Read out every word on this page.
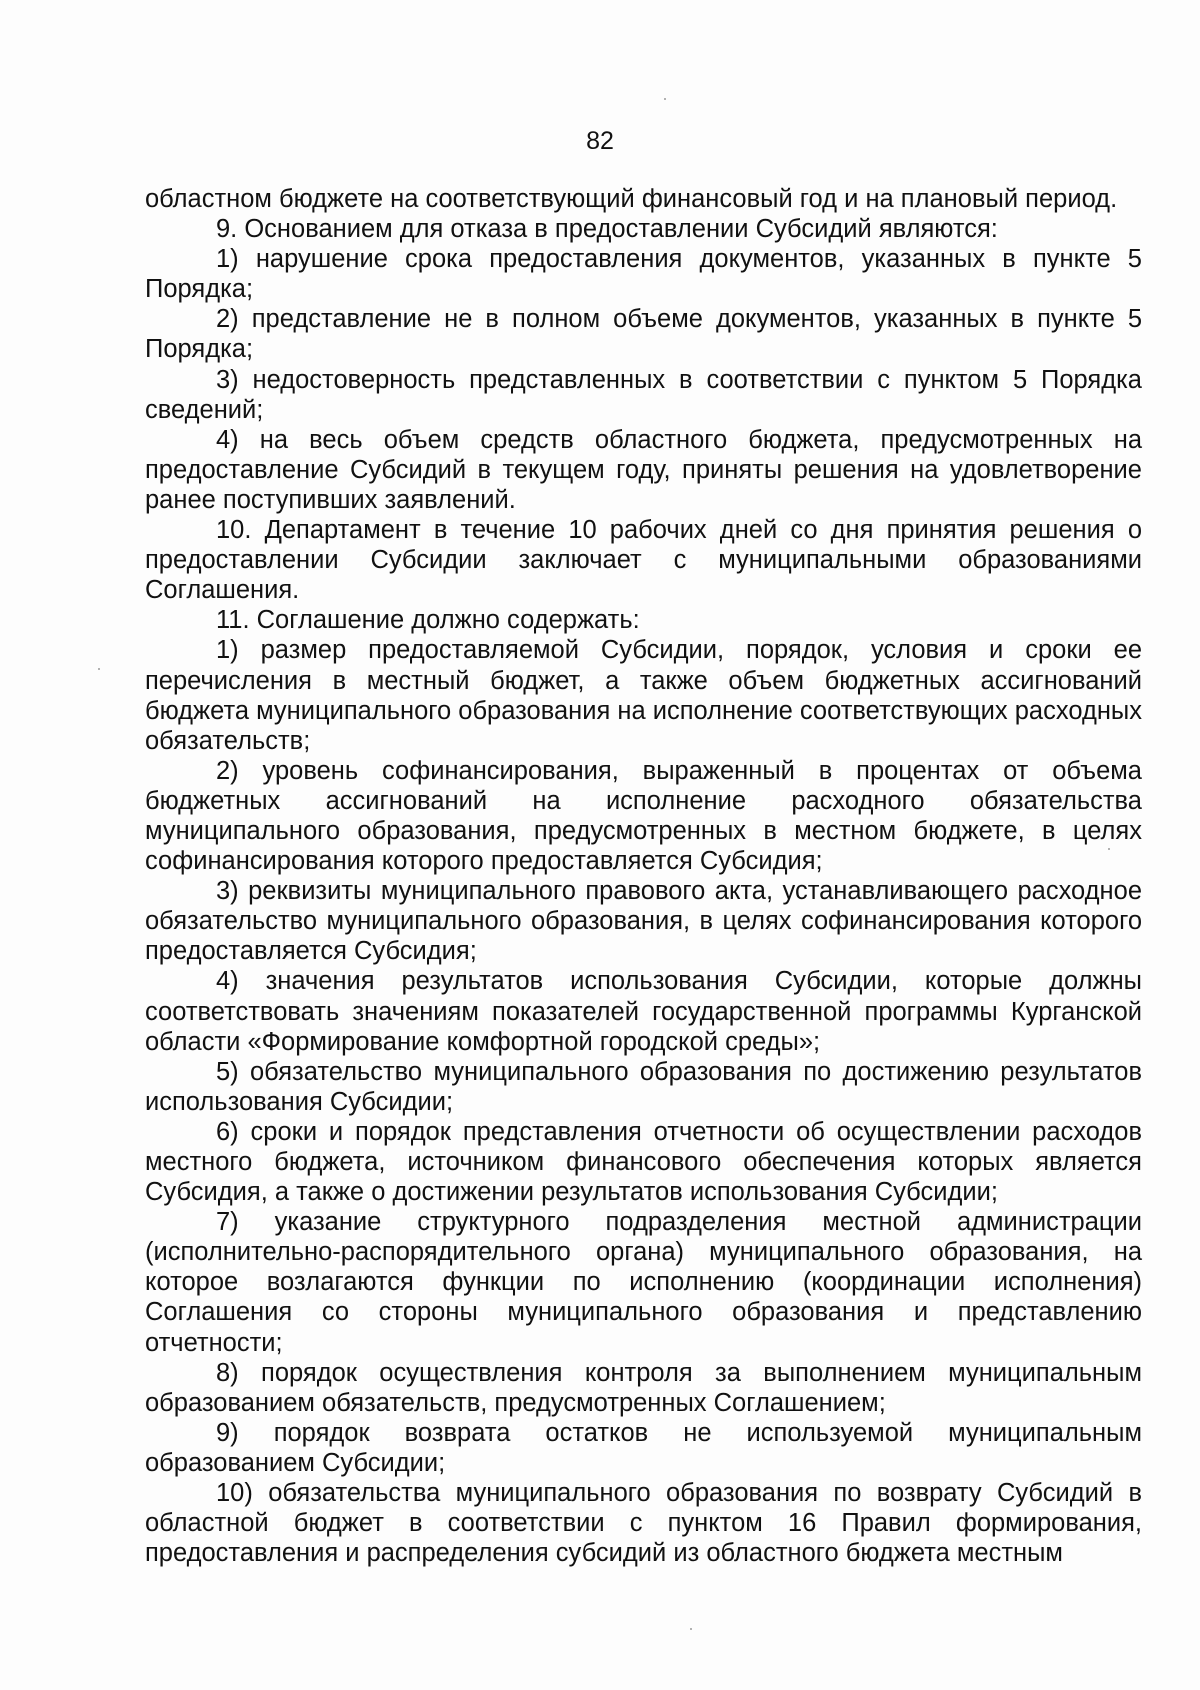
82

областном бюджете на соответствующий финансовый год и на плановый период.

9. Основанием для отказа в предоставлении Субсидий являются:

1) нарушение срока предоставления документов, указанных в пункте 5 Порядка;

2) представление не в полном объеме документов, указанных в пункте 5 Порядка;

3) недостоверность представленных в соответствии с пунктом 5 Порядка сведений;

4) на весь объем средств областного бюджета, предусмотренных на предоставление Субсидий в текущем году, приняты решения на удовлетворение ранее поступивших заявлений.

10. Департамент в течение 10 рабочих дней со дня принятия решения о предоставлении Субсидии заключает с муниципальными образованиями Соглашения.

11. Соглашение должно содержать:

1) размер предоставляемой Субсидии, порядок, условия и сроки ее перечисления в местный бюджет, а также объем бюджетных ассигнований бюджета муниципального образования на исполнение соответствующих расходных обязательств;

2) уровень софинансирования, выраженный в процентах от объема бюджетных ассигнований на исполнение расходного обязательства муниципального образования, предусмотренных в местном бюджете, в целях софинансирования которого предоставляется Субсидия;

3) реквизиты муниципального правового акта, устанавливающего расходное обязательство муниципального образования, в целях софинансирования которого предоставляется Субсидия;

4) значения результатов использования Субсидии, которые должны соответствовать значениям показателей государственной программы Курганской области «Формирование комфортной городской среды»;

5) обязательство муниципального образования по достижению результатов использования Субсидии;

6) сроки и порядок представления отчетности об осуществлении расходов местного бюджета, источником финансового обеспечения которых является Субсидия, а также о достижении результатов использования Субсидии;

7) указание структурного подразделения местной администрации (исполнительно-распорядительного органа) муниципального образования, на которое возлагаются функции по исполнению (координации исполнения) Соглашения со стороны муниципального образования и представлению отчетности;

8) порядок осуществления контроля за выполнением муниципальным образованием обязательств, предусмотренных Соглашением;

9) порядок возврата остатков не используемой муниципальным образованием Субсидии;

10) обязательства муниципального образования по возврату Субсидий в областной бюджет в соответствии с пунктом 16 Правил формирования, предоставления и распределения субсидий из областного бюджета местным
